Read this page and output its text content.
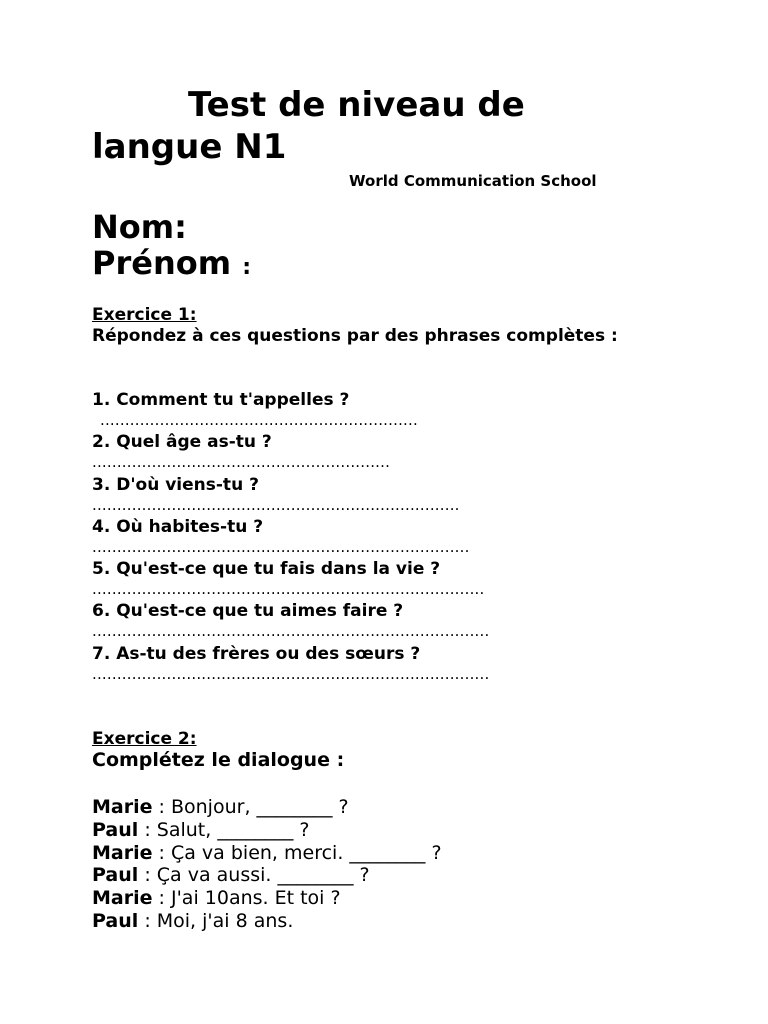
Test de niveau de langue N1
World Communication School
Nom:
Prénom :
Exercice 1:
Répondez à ces questions par des phrases complètes :
1. Comment tu t'appelles ?
................................................................
2. Quel âge as-tu ?
............................................................
3. D'où viens-tu ?
..........................................................................
4. Où habites-tu ?
............................................................................
5. Qu'est-ce que tu fais dans la vie ?
...............................................................................
6. Qu'est-ce que tu aimes faire ?
................................................................................
7. As-tu des frères ou des sœurs ?
................................................................................
Exercice 2:
Complétez le dialogue :
Marie : Bonjour, ________ ?
Paul : Salut, ________ ?
Marie : Ça va bien, merci. ________ ?
Paul : Ça va aussi. ________ ?
Marie : J'ai 10ans. Et toi ?
Paul : Moi, j'ai 8 ans.
